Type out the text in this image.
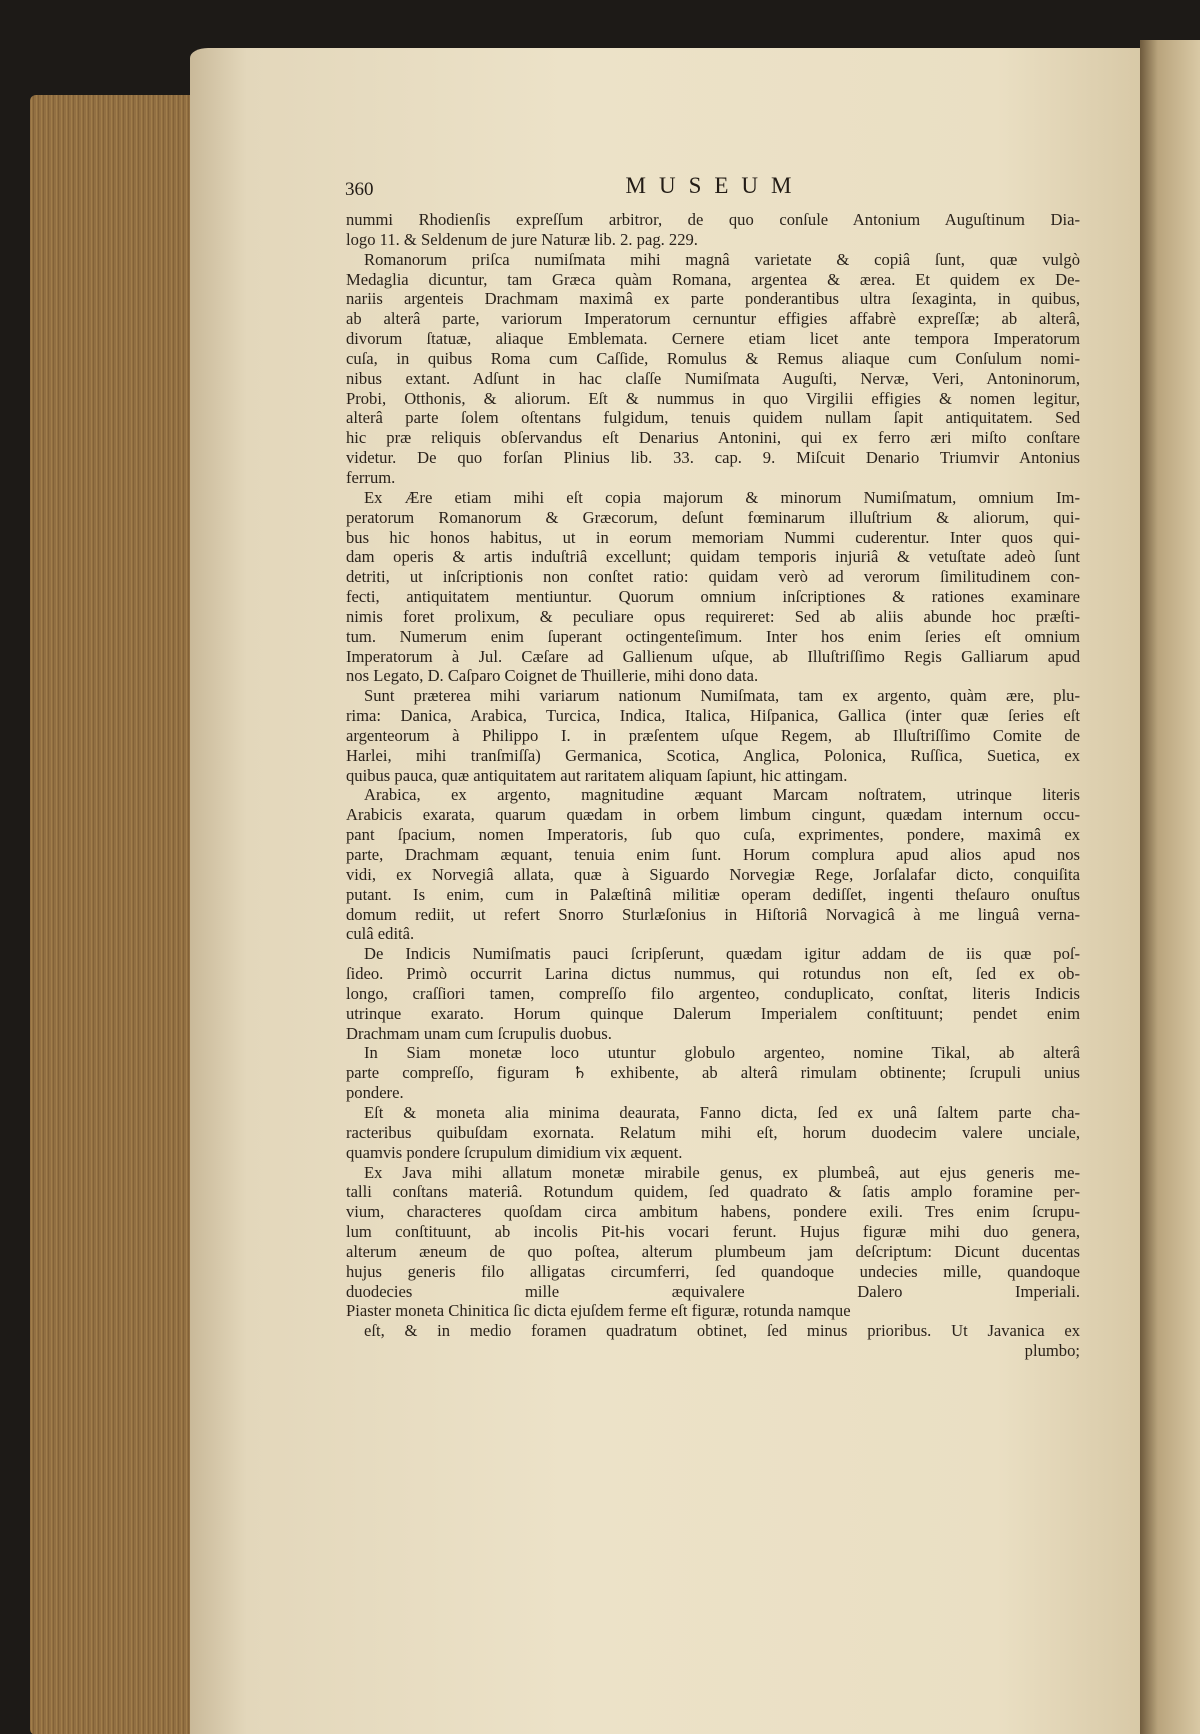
360	MUSEUM
nummi Rhodienſis expreſſum arbitror, de quo conſule Antonium Auguſtinum Dia-
logo 11. & Seldenum de jure Naturæ lib. 2. pag. 229.
Romanorum priſca numiſmata mihi magnâ varietate & copiâ ſunt, quæ vulgò
Medaglia dicuntur, tam Græca quàm Romana, argentea & ærea. Et quidem ex De-
nariis argenteis Drachmam maximâ ex parte ponderantibus ultra ſexaginta, in quibus,
ab alterâ parte, variorum Imperatorum cernuntur effigies affabrè expreſſæ; ab alterâ,
divorum ſtatuæ, aliaque Emblemata. Cernere etiam licet ante tempora Imperatorum
cuſa, in quibus Roma cum Caſſide, Romulus & Remus aliaque cum Conſulum nomi-
nibus extant. Adſunt in hac claſſe Numiſmata Auguſti, Nervæ, Veri, Antoninorum,
Probi, Otthonis, & aliorum. Eſt & nummus in quo Virgilii effigies & nomen legitur,
alterâ parte ſolem oſtentans fulgidum, tenuis quidem nullam ſapit antiquitatem. Sed
hic præ reliquis obſervandus eſt Denarius Antonini, qui ex ferro æri miſto conſtare
videtur. De quo forſan Plinius lib. 33. cap. 9. Miſcuit Denario Triumvir Antonius
ferrum.
Ex Ære etiam mihi eſt copia majorum & minorum Numiſmatum, omnium Im-
peratorum Romanorum & Græcorum, deſunt fœminarum illuſtrium & aliorum, qui-
bus hic honos habitus, ut in eorum memoriam Nummi cuderentur. Inter quos qui-
dam operis & artis induſtriâ excellunt; quidam temporis injuriâ & vetuſtate adeò ſunt
detriti, ut inſcriptionis non conſtet ratio: quidam verò ad verorum ſimilitudinem con-
fecti, antiquitatem mentiuntur. Quorum omnium inſcriptiones & rationes examinare
nimis foret prolixum, & peculiare opus requireret: Sed ab aliis abunde hoc præſti-
tum. Numerum enim ſuperant octingenteſimum. Inter hos enim ſeries eſt omnium
Imperatorum à Jul. Cæſare ad Gallienum uſque, ab Illuſtriſſimo Regis Galliarum apud
nos Legato, D. Caſparo Coignet de Thuillerie, mihi dono data.
Sunt præterea mihi variarum nationum Numiſmata, tam ex argento, quàm ære, plu-
rima: Danica, Arabica, Turcica, Indica, Italica, Hiſpanica, Gallica (inter quæ ſeries eſt
argenteorum à Philippo I. in præſentem uſque Regem, ab Illuſtriſſimo Comite de
Harlei, mihi tranſmiſſa) Germanica, Scotica, Anglica, Polonica, Ruſſica, Suetica, ex
quibus pauca, quæ antiquitatem aut raritatem aliquam ſapiunt, hic attingam.
Arabica, ex argento, magnitudine æquant Marcam noſtratem, utrinque literis
Arabicis exarata, quarum quædam in orbem limbum cingunt, quædam internum occu-
pant ſpacium, nomen Imperatoris, ſub quo cuſa, exprimentes, pondere, maximâ ex
parte, Drachmam æquant, tenuia enim ſunt. Horum complura apud alios apud nos
vidi, ex Norvegiâ allata, quæ à Siguardo Norvegiæ Rege, Jorſalafar dicto, conquiſita
putant. Is enim, cum in Palæſtinâ militiæ operam dediſſet, ingenti theſauro onuſtus
domum rediit, ut refert Snorro Sturlæſonius in Hiſtoriâ Norvagicâ à me linguâ verna-
culâ editâ.
De Indicis Numiſmatis pauci ſcripſerunt, quædam igitur addam de iis quæ poſ-
ſideo. Primò occurrit Larina dictus nummus, qui rotundus non eſt, ſed ex ob-
longo, craſſiori tamen, compreſſo filo argenteo, conduplicato, conſtat, literis Indicis
utrinque exarato. Horum quinque Dalerum Imperialem conſtituunt; pendet enim
Drachmam unam cum ſcrupulis duobus.
In Siam monetæ loco utuntur globulo argenteo, nomine Tikal, ab alterâ
parte compreſſo, figuram ♄ exhibente, ab alterâ rimulam obtinente; ſcrupuli unius
pondere.
Eſt & moneta alia minima deaurata, Fanno dicta, ſed ex unâ ſaltem parte cha-
racteribus quibuſdam exornata. Relatum mihi eſt, horum duodecim valere unciale,
quamvis pondere ſcrupulum dimidium vix æquent.
Ex Java mihi allatum monetæ mirabile genus, ex plumbeâ, aut ejus generis me-
talli conſtans materiâ. Rotundum quidem, ſed quadrato & ſatis amplo foramine per-
vium, characteres quoſdam circa ambitum habens, pondere exili. Tres enim ſcrupu-
lum conſtituunt, ab incolis Pit-his vocari ferunt. Hujus figuræ mihi duo genera,
alterum æneum de quo poſtea, alterum plumbeum jam deſcriptum: Dicunt ducentas
hujus generis filo alligatas circumferri, ſed quandoque undecies mille, quandoque
duodecies mille æquivalere Dalero Imperiali.
Piaster moneta Chinitica ſic dicta ejuſdem ferme eſt figuræ, rotunda namque
eſt, & in medio foramen quadratum obtinet, ſed minus prioribus. Ut Javanica ex
plumbo;
